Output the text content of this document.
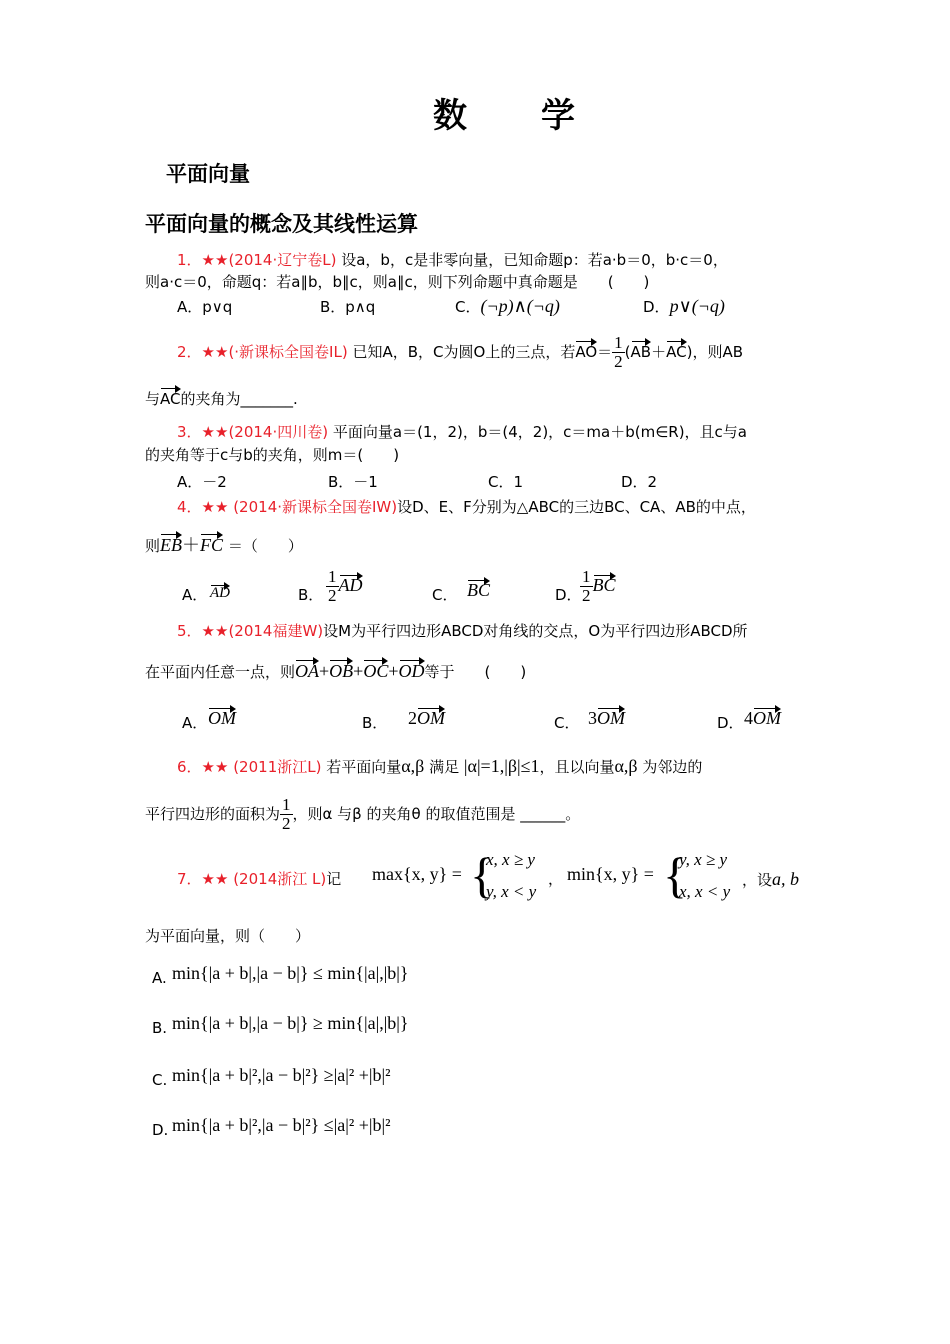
数　　学
平面向量
平面向量的概念及其线性运算
1．★★(2014·辽宁卷L) 设a，b，c是非零向量，已知命题p：若a·b＝0，b·c＝0，
则a·c＝0，命题q：若a∥b，b∥c，则a∥c，则下列命题中真命题是　　(　　)
A．p∨q	B．p∧q	C．(¬p)∧(¬q)	D．p∨(¬q)
2．★★(·新课标全国卷ⅠL) 已知A，B，C为圆O上的三点，若$AO= \frac{1}{2} (AB+AC)$，则AB
与AC的夹角为_______.
3．★★(2014·四川卷) 平面向量a＝(1，2)，b＝(4，2)，c＝ma＋b(m∈R)，且c与a
的夹角等于c与b的夹角，则m＝(　　)
A．－2	B．－1	C．1	D．2
4．★★ (2014·新课标全国卷ⅠW)设D、E、F分别为△ABC的三边BC、CA、AB的中点，
则EB＋FC ＝（　　）
A． AD	B． $\frac{1}{2}$ AD	C． BC	D．
$\frac{1}{2}$ BC
5．★★(2014福建W)设M为平行四边形ABCD对角线的交点，O为平行四边形ABCD所
在平面内任意一点，则OA+OB+OC+OD等于　　(　　)
A． OM	B． 2OM	C． 3OM	D． 4OM
6．★★ (2011浙江L) 若平面向量α,β 满足 |α|=1,|β|≤1，且以向量α,β 为邻边的
平行四边形的面积为 $\frac{1}{2}$ ，则α 与β 的夹角θ 的取值范围是 ______。
7．★★ (2014浙江 L)记 max{x, y} = {
x, x ≥ y
y, x < y
， min{x, y} = {
y, x ≥ y
x, x < y
，设a, b
为平面向量，则（　　）
A. min{|a + b|,|a − b|} ≤ min{|a|,|b|}
B. min{|a + b|,|a − b|} ≥ min{|a|,|b|}
C. min{|a + b|²,|a − b|²} ≥|a|² +|b|²
D. min{|a + b|²,|a − b|²} ≤|a|² +|b|²
